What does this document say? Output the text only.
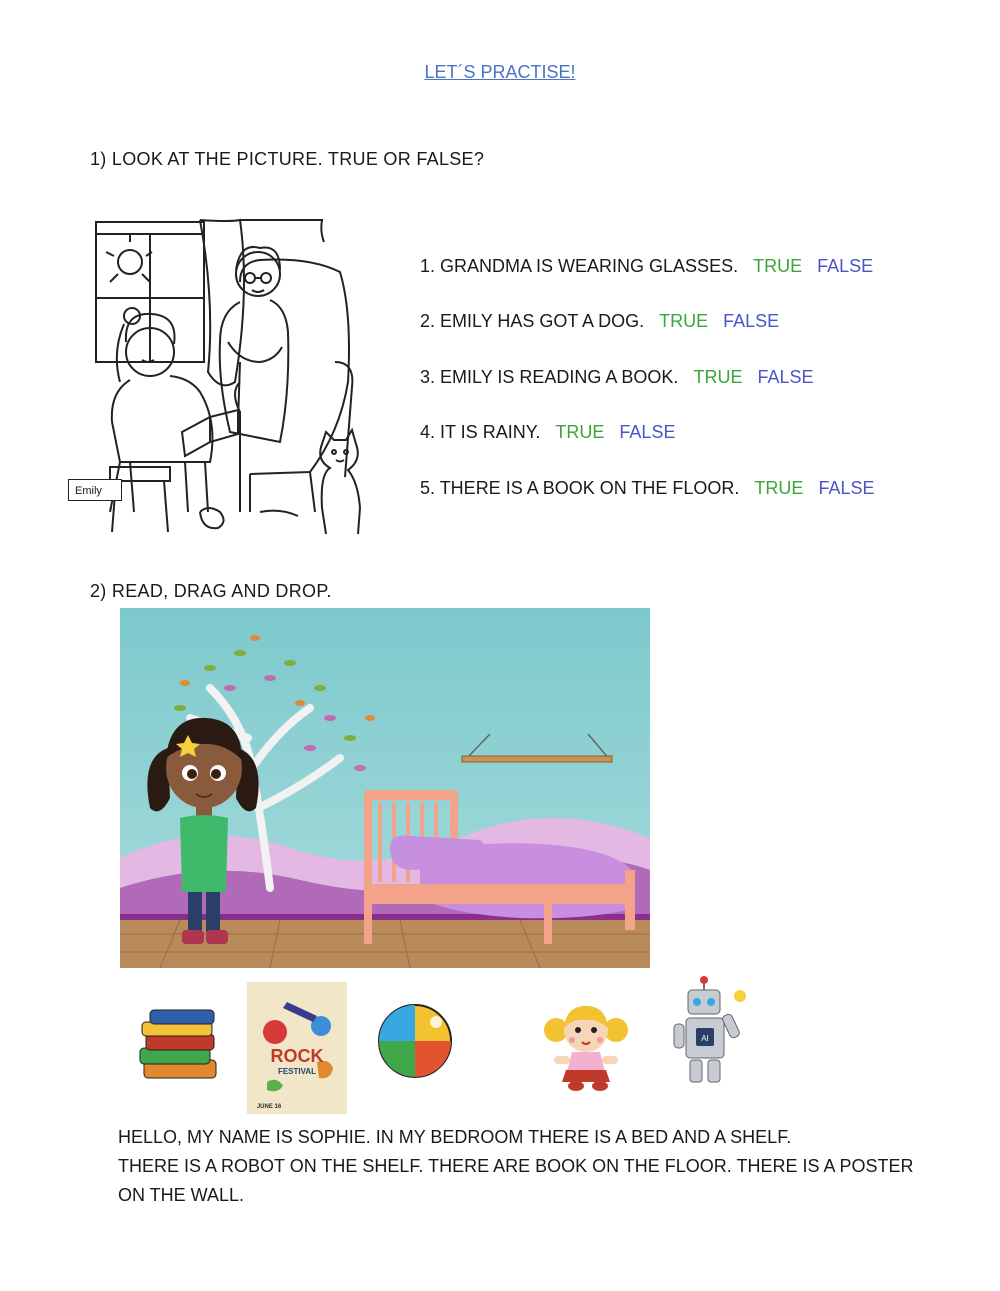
LET´S PRACTISE!
1) LOOK AT THE PICTURE. TRUE OR FALSE?
Emily
1. GRANDMA IS WEARING GLASSES. TRUE FALSE
2. EMILY HAS GOT A DOG. TRUE FALSE
3. EMILY IS READING A BOOK. TRUE FALSE
4. IT IS RAINY. TRUE FALSE
5. THERE IS A BOOK ON THE FLOOR. TRUE FALSE
2) READ, DRAG AND DROP.
ROCK
FESTIVAL
JUNE 16
AI
HELLO, MY NAME IS SOPHIE. IN MY BEDROOM THERE IS A BED AND A SHELF.
THERE IS A ROBOT ON THE SHELF. THERE ARE BOOK ON THE FLOOR. THERE IS A POSTER
ON THE WALL.
